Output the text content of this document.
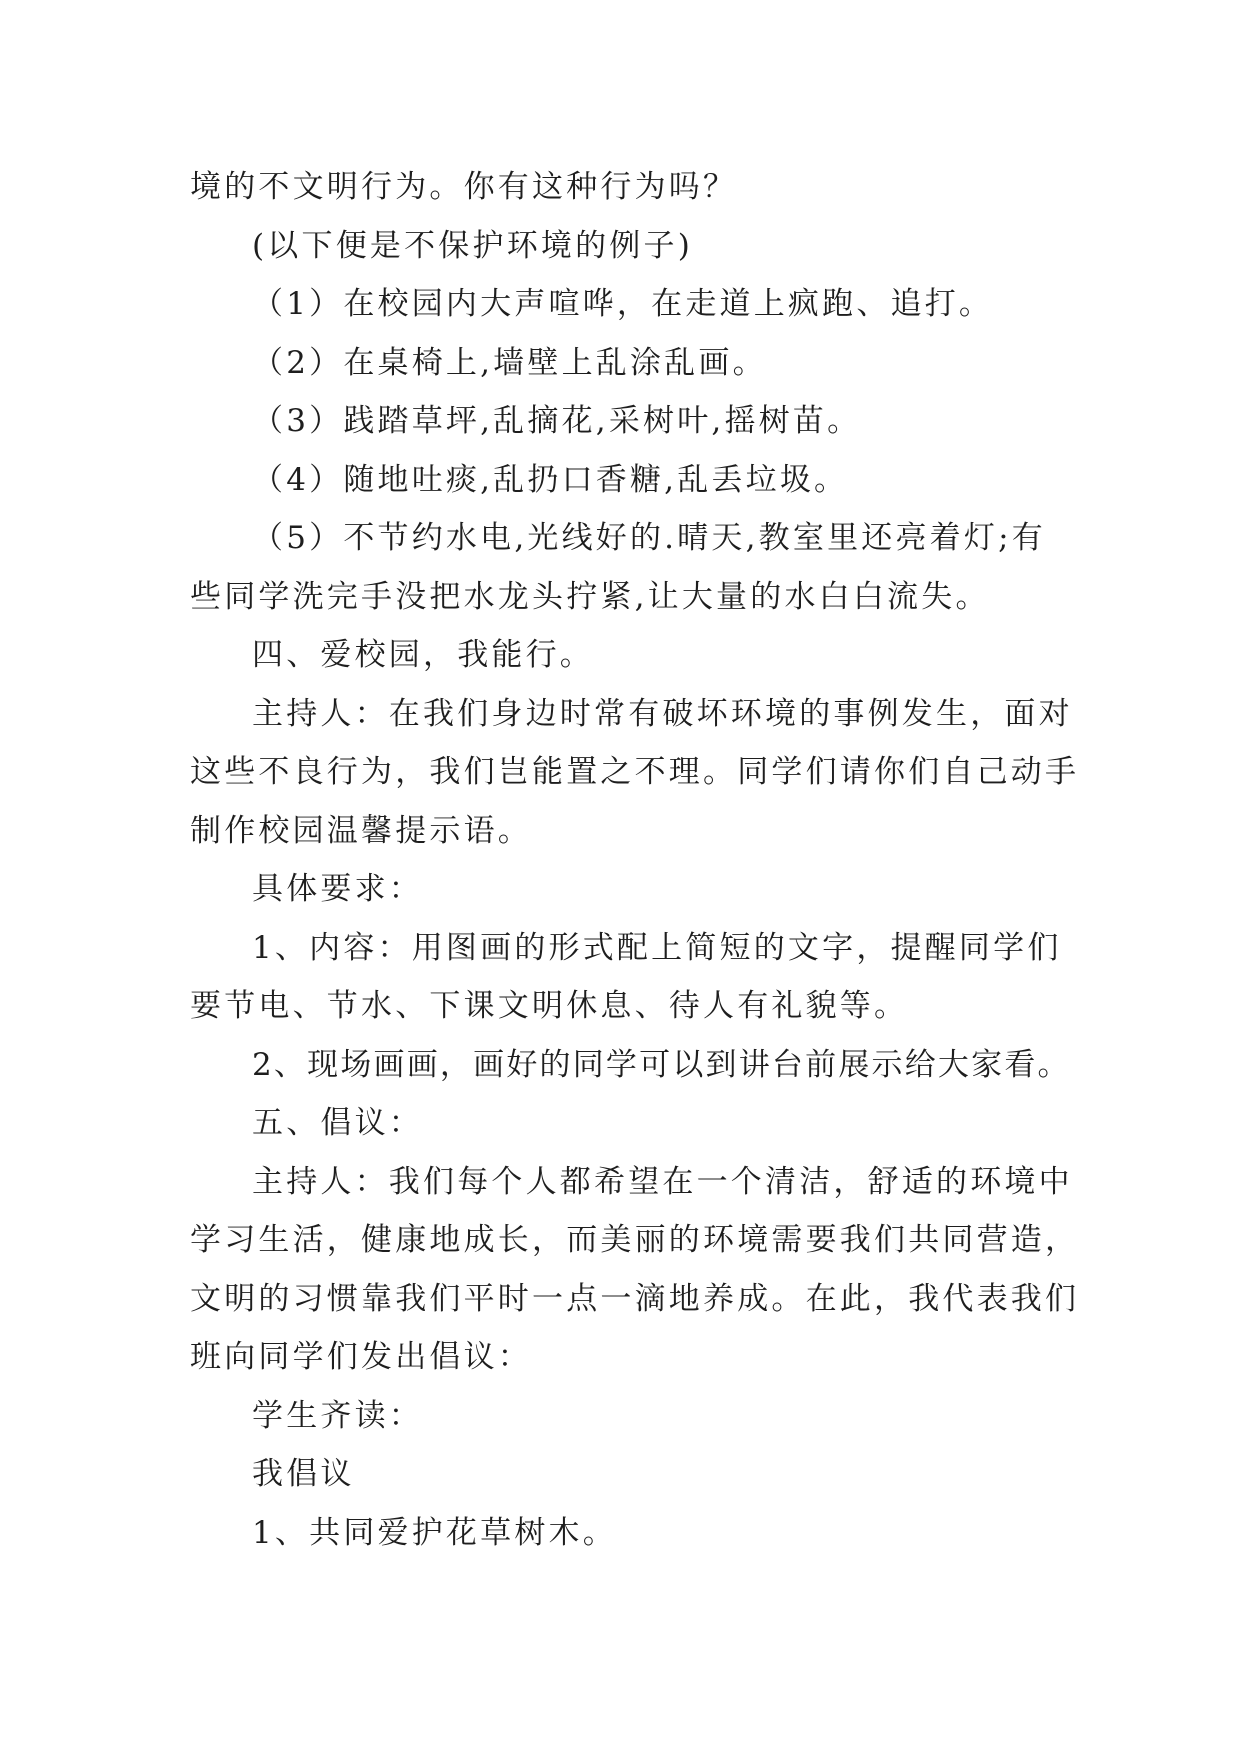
境的不文明行为。你有这种行为吗？

(以下便是不保护环境的例子)

（1）在校园内大声喧哗，在走道上疯跑、追打。

（2）在桌椅上,墙壁上乱涂乱画。

（3）践踏草坪,乱摘花,采树叶,摇树苗。

（4）随地吐痰,乱扔口香糖,乱丢垃圾。

（5）不节约水电,光线好的.晴天,教室里还亮着灯;有些同学洗完手没把水龙头拧紧,让大量的水白白流失。

四、爱校园，我能行。

主持人：在我们身边时常有破坏环境的事例发生，面对这些不良行为，我们岂能置之不理。同学们请你们自己动手制作校园温馨提示语。

具体要求：

1、内容：用图画的形式配上简短的文字，提醒同学们要节电、节水、下课文明休息、待人有礼貌等。

2、现场画画，画好的同学可以到讲台前展示给大家看。

五、倡议：

主持人：我们每个人都希望在一个清洁，舒适的环境中学习生活，健康地成长，而美丽的环境需要我们共同营造，文明的习惯靠我们平时一点一滴地养成。在此，我代表我们班向同学们发出倡议：

学生齐读：

我倡议

1、共同爱护花草树木。
